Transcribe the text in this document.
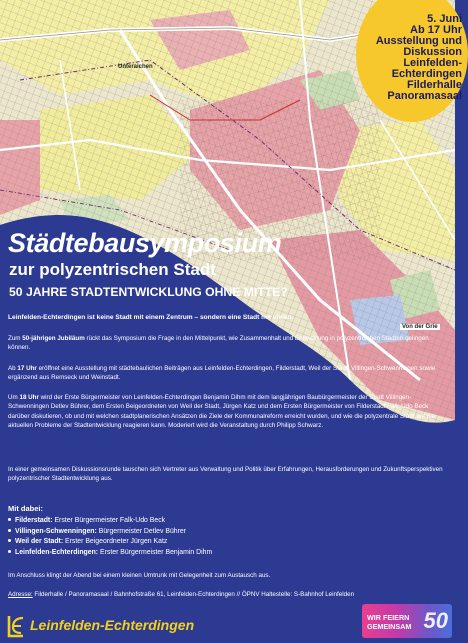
Unteraichen
Von der Grie
5. Juni
Ab 17 Uhr
Ausstellung und
Diskussion
Leinfelden-
Echterdingen
Filderhalle
Panoramasaal
Städtebausymposium
zur polyzentrischen Stadt
50 JAHRE STADTENTWICKLUNG OHNE MITTE?

Leinfelden-Echterdingen ist keine Stadt mit einem Zentrum – sondern eine Stadt mit vielen.

Zum 50-jährigen Jubiläum rückt das Symposium die Frage in den Mittelpunkt, wie Zusammenhalt und Entwicklung in polyzentrischen Städten gelingen können.

Ab 17 Uhr eröffnet eine Ausstellung mit städtebaulichen Beiträgen aus Leinfelden-Echterdingen, Filderstadt, Weil der Stadt, Villingen-Schwenningen sowie ergänzend aus Remseck und Weinstadt.

Um 18 Uhr wird der Erste Bürgermeister von Leinfelden-Echterdingen Benjamin Dihm mit dem langjährigen Baubürgermeister der Stadt Villingen-Schwenningen Detlev Bührer, dem Ersten Beigeordneten von Weil der Stadt, Jürgen Katz und dem Ersten Bürgermeister von Filderstadt Falk-Udo Beck darüber diskutieren, ob und mit welchen stadtplanerischen Ansätzen die Ziele der Kommunalreform erreicht wurden, und wie die polyzentrale Stadt auf die aktuellen Probleme der Stadtentwicklung reagieren kann. Moderiert wird die Veranstaltung durch Philipp Schwarz.

In einer gemeinsamen Diskussionsrunde tauschen sich Vertreter aus Verwaltung und Politik über Erfahrungen, Herausforderungen und Zukunftsperspektiven polyzentrischer Stadtentwicklung aus.

Mit dabei:
Filderstadt: Erster Bürgermeister Falk-Udo Beck
Villingen-Schwenningen: Bürgermeister Detlev Bührer
Weil der Stadt: Erster Beigeordneter Jürgen Katz
Leinfelden-Echterdingen: Erster Bürgermeister Benjamin Dihm

Im Anschluss klingt der Abend bei einem kleinen Umtrunk mit Gelegenheit zum Austausch aus.

Adresse: Filderhalle / Panoramasaal / Bahnhofstraße 61, Leinfelden-Echterdingen // ÖPNV Haltestelle: S-Bahnhof Leinfelden

Leinfelden-Echterdingen	50
WIR FEIERN
GEMEINSAM
